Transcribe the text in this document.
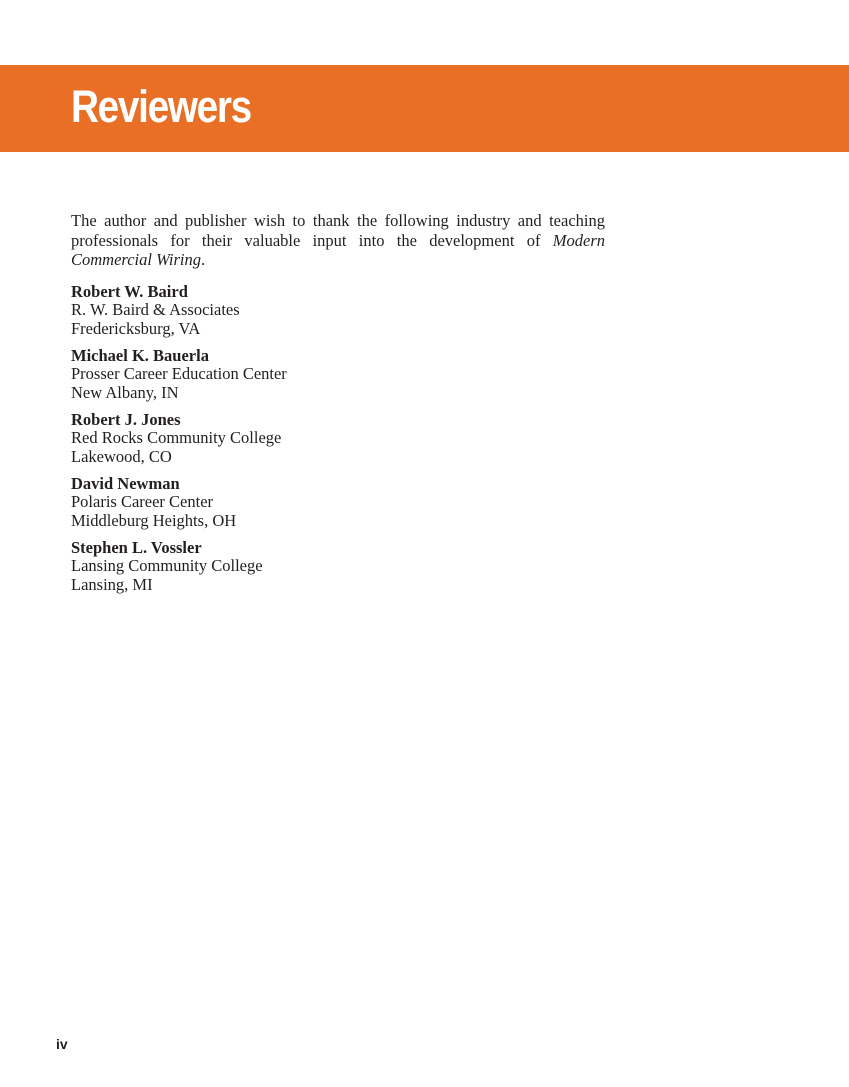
Reviewers

The author and publisher wish to thank the following industry and teaching professionals for their valuable input into the development of Modern Commercial Wiring.

Robert W. Baird
R. W. Baird & Associates
Fredericksburg, VA
Michael K. Bauerla
Prosser Career Education Center
New Albany, IN
Robert J. Jones
Red Rocks Community College
Lakewood, CO
David Newman
Polaris Career Center
Middleburg Heights, OH
Stephen L. Vossler
Lansing Community College
Lansing, MI
iv
